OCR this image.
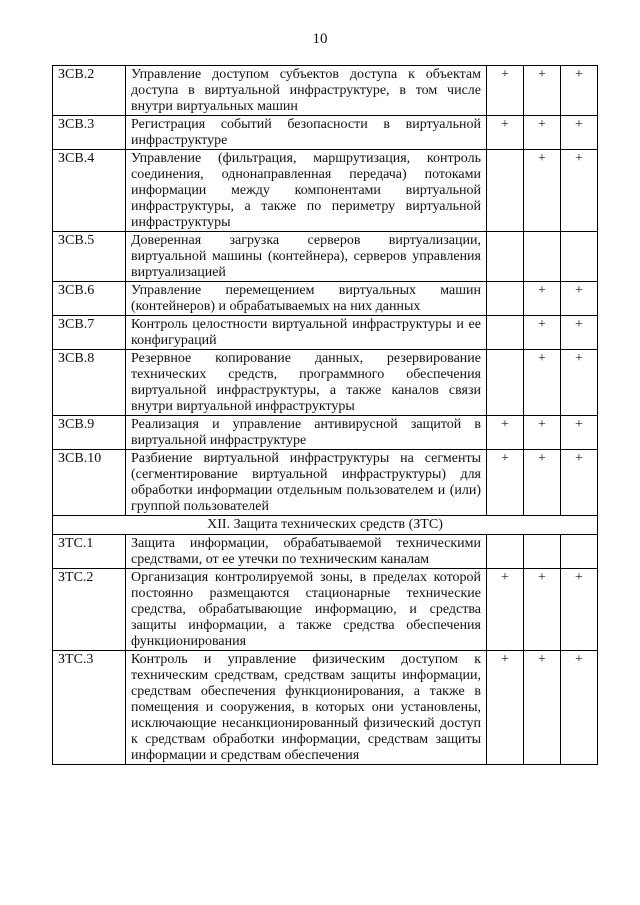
10
ЗСВ.2	Управление доступом субъектов доступа к объектам доступа в виртуальной инфраструктуре, в том числе внутри виртуальных машин	+	+	+
ЗСВ.3	Регистрация событий безопасности в виртуальной инфраструктуре	+	+	+
ЗСВ.4	Управление (фильтрация, маршрутизация, контроль соединения, однонаправленная передача) потоками информации между компонентами виртуальной инфраструктуры, а также по периметру виртуальной инфраструктуры		+	+
ЗСВ.5	Доверенная загрузка серверов виртуализации, виртуальной машины (контейнера), серверов управления виртуализацией			
ЗСВ.6	Управление перемещением виртуальных машин (контейнеров) и обрабатываемых на них данных		+	+
ЗСВ.7	Контроль целостности виртуальной инфраструктуры и ее конфигураций		+	+
ЗСВ.8	Резервное копирование данных, резервирование технических средств, программного обеспечения виртуальной инфраструктуры, а также каналов связи внутри виртуальной инфраструктуры		+	+
ЗСВ.9	Реализация и управление антивирусной защитой в виртуальной инфраструктуре	+	+	+
ЗСВ.10	Разбиение виртуальной инфраструктуры на сегменты (сегментирование виртуальной инфраструктуры) для обработки информации отдельным пользователем и (или) группой пользователей	+	+	+
XII. Защита технических средств (ЗТС)				
ЗТС.1	Защита информации, обрабатываемой техническими средствами, от ее утечки по техническим каналам			
ЗТС.2	Организация контролируемой зоны, в пределах которой постоянно размещаются стационарные технические средства, обрабатывающие информацию, и средства защиты информации, а также средства обеспечения функционирования	+	+	+
ЗТС.3	Контроль и управление физическим доступом к техническим средствам, средствам защиты информации, средствам обеспечения функционирования, а также в помещения и сооружения, в которых они установлены, исключающие несанкционированный физический доступ к средствам обработки информации, средствам защиты информации и средствам обеспечения	+	+	+
